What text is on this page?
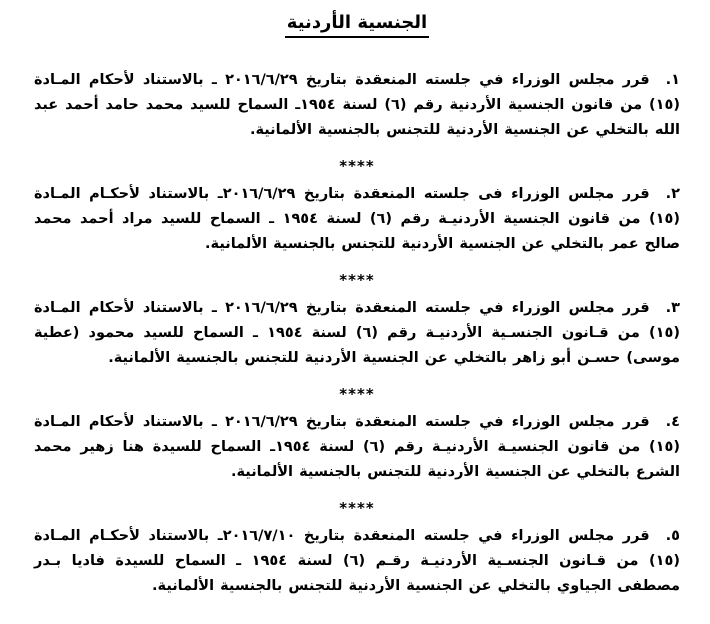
الجنسية الأردنية

١.قرر مجلس الوزراء في جلسته المنعقدة بتاريخ ٢٠١٦/٦/٢٩ ـ بالاستناد لأحكام المـادة (١٥) من قانون الجنسية الأردنية رقم (٦) لسنة ١٩٥٤ـ السماح للسيد محمد حامد أحمد عبد الله بالتخلي عن الجنسية الأردنية للتجنس بالجنسية الألمانية.

****

٢.قرر مجلس الوزراء فى جلسته المنعقدة بتاريخ ٢٠١٦/٦/٢٩ـ بالاستناد لأحكـام المـادة (١٥) من قانون الجنسية الأردنيـة رقم (٦) لسنة ١٩٥٤ ـ السماح للسيد مراد أحمد محمد صالح عمر بالتخلي عن الجنسية الأردنية للتجنس بالجنسية الألمانية.

****

٣.قرر مجلس الوزراء في جلسته المنعقدة بتاريخ ٢٠١٦/٦/٢٩ ـ بالاستناد لأحكام المـادة (١٥) من قـانون الجنسـية الأردنيـة رقم (٦) لسنة ١٩٥٤ ـ السماح للسيد محمود (عطية موسى) حسـن أبو زاهر بالتخلي عن الجنسية الأردنية للتجنس بالجنسية الألمانية.

****

٤.قرر مجلس الوزراء في جلسته المنعقدة بتاريخ ٢٠١٦/٦/٢٩ ـ بالاستناد لأحكام المـادة (١٥) من قانون الجنسيـة الأردنيـة رقم (٦) لسنة ١٩٥٤ـ السماح للسيدة هنا زهير محمد الشرع بالتخلي عن الجنسية الأردنية للتجنس بالجنسية الألمانية.

****

٥.قرر مجلس الوزراء في جلسته المنعقدة بتاريخ ٢٠١٦/٧/١٠ـ بالاستناد لأحكـام المـادة (١٥) من قـانون الجنسـية الأردنيـة رقـم (٦) لسنة ١٩٥٤ ـ السماح للسيدة فاديا بـدر مصطفى الجياوي بالتخلي عن الجنسية الأردنية للتجنس بالجنسية الألمانية.
